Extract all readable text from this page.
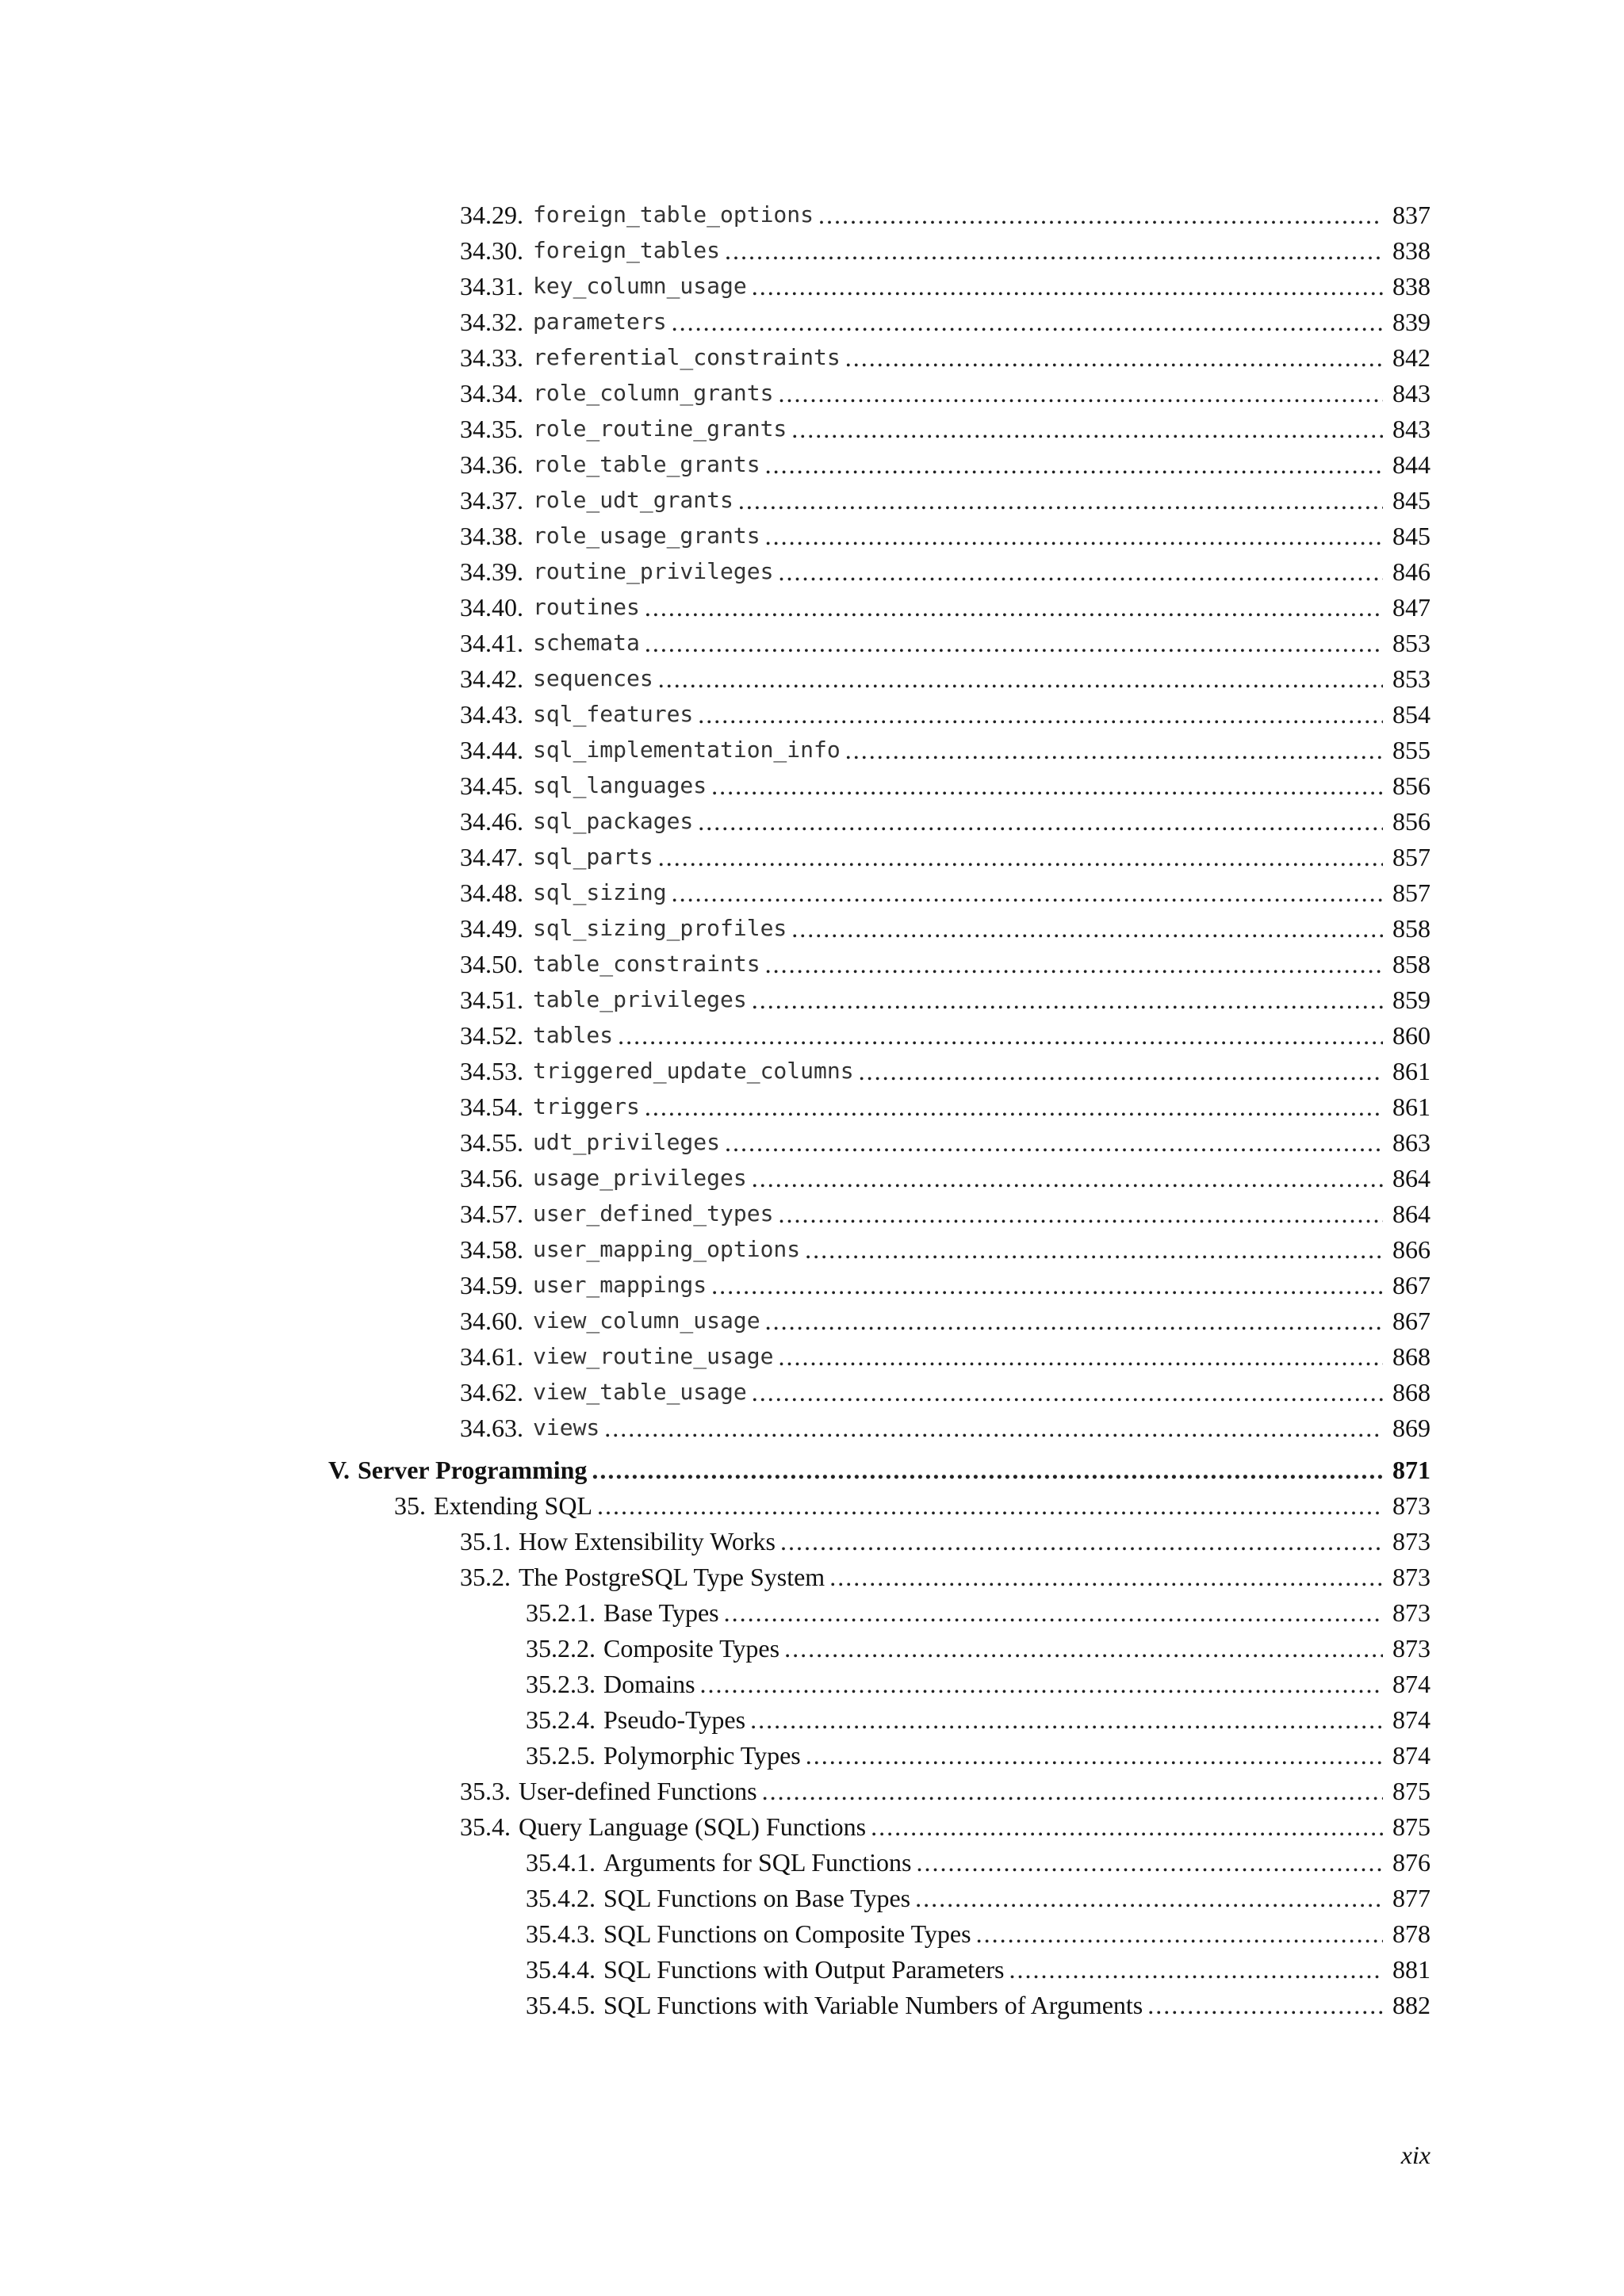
34.29. foreign_table_options .....	837
34.30. foreign_tables .....	838
34.31. key_column_usage .....	838
34.32. parameters .....	839
34.33. referential_constraints .....	842
34.34. role_column_grants .....	843
34.35. role_routine_grants .....	843
34.36. role_table_grants .....	844
34.37. role_udt_grants .....	845
34.38. role_usage_grants .....	845
34.39. routine_privileges .....	846
34.40. routines .....	847
34.41. schemata .....	853
34.42. sequences .....	853
34.43. sql_features .....	854
34.44. sql_implementation_info .....	855
34.45. sql_languages .....	856
34.46. sql_packages .....	856
34.47. sql_parts .....	857
34.48. sql_sizing .....	857
34.49. sql_sizing_profiles .....	858
34.50. table_constraints .....	858
34.51. table_privileges .....	859
34.52. tables .....	860
34.53. triggered_update_columns .....	861
34.54. triggers .....	861
34.55. udt_privileges .....	863
34.56. usage_privileges .....	864
34.57. user_defined_types .....	864
34.58. user_mapping_options .....	866
34.59. user_mappings .....	867
34.60. view_column_usage .....	867
34.61. view_routine_usage .....	868
34.62. view_table_usage .....	868
34.63. views .....	869
V. Server Programming .....	871
35. Extending SQL .....	873
35.1. How Extensibility Works .....	873
35.2. The PostgreSQL Type System .....	873
35.2.1. Base Types .....	873
35.2.2. Composite Types .....	873
35.2.3. Domains .....	874
35.2.4. Pseudo-Types .....	874
35.2.5. Polymorphic Types .....	874
35.3. User-defined Functions .....	875
35.4. Query Language (SQL) Functions .....	875
35.4.1. Arguments for SQL Functions .....	876
35.4.2. SQL Functions on Base Types .....	877
35.4.3. SQL Functions on Composite Types .....	878
35.4.4. SQL Functions with Output Parameters .....	881
35.4.5. SQL Functions with Variable Numbers of Arguments .....	882
xix
